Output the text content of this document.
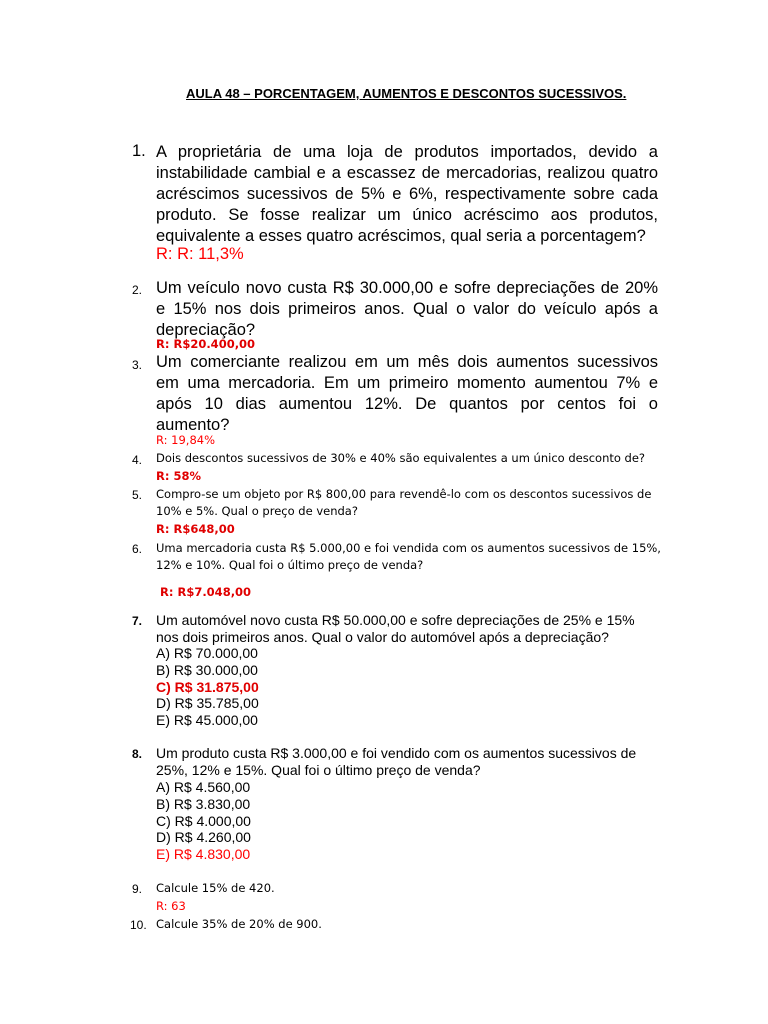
AULA 48 – PORCENTAGEM, AUMENTOS E DESCONTOS SUCESSIVOS.
1. A proprietária de uma loja de produtos importados, devido a
instabilidade cambial e a escassez de mercadorias, realizou quatro
acréscimos sucessivos de 5% e 6%, respectivamente sobre cada
produto. Se fosse realizar um único acréscimo aos produtos,
equivalente a esses quatro acréscimos, qual seria a porcentagem?
R: R: 11,3%
2. Um veículo novo custa R$ 30.000,00 e sofre depreciações de 20%
e 15% nos dois primeiros anos. Qual o valor do veículo após a
depreciação?
R: R$20.400,00
3. Um comerciante realizou em um mês dois aumentos sucessivos
em uma mercadoria. Em um primeiro momento aumentou 7% e
após 10 dias aumentou 12%. De quantos por centos foi o
aumento?
R: 19,84%
4. Dois descontos sucessivos de 30% e 40% são equivalentes a um único desconto de?
R: 58%
5. Compro-se um objeto por R$ 800,00 para revendê-lo com os descontos sucessivos de
10% e 5%. Qual o preço de venda?
R: R$648,00
6. Uma mercadoria custa R$ 5.000,00 e foi vendida com os aumentos sucessivos de 15%,
12% e 10%. Qual foi o último preço de venda?
R: R$7.048,00
7. Um automóvel novo custa R$ 50.000,00 e sofre depreciações de 25% e 15%
nos dois primeiros anos. Qual o valor do automóvel após a depreciação?
A) R$ 70.000,00
B) R$ 30.000,00
C) R$ 31.875,00
D) R$ 35.785,00
E) R$ 45.000,00
8. Um produto custa R$ 3.000,00 e foi vendido com os aumentos sucessivos de
25%, 12% e 15%. Qual foi o último preço de venda?
A) R$ 4.560,00
B) R$ 3.830,00
C) R$ 4.000,00
D) R$ 4.260,00
E) R$ 4.830,00
9. Calcule 15% de 420.
R: 63
10. Calcule 35% de 20% de 900.
